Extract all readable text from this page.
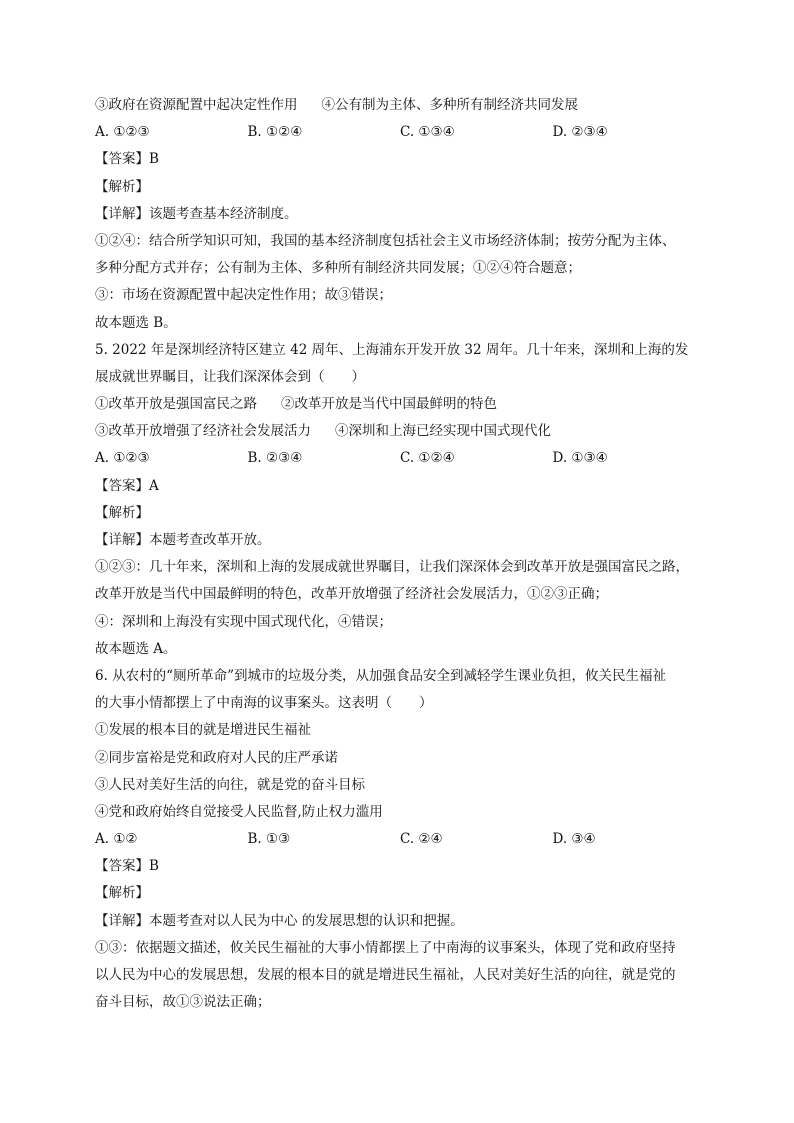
③政府在资源配置中起决定性作用 ④公有制为主体、多种所有制经济共同发展
A. ①②③	B. ①②④	C. ①③④	D. ②③④
【答案】B
【解析】
【详解】该题考查基本经济制度。
①②④：结合所学知识可知，我国的基本经济制度包括社会主义市场经济体制；按劳分配为主体、
多种分配方式并存；公有制为主体、多种所有制经济共同发展；①②④符合题意；
③：市场在资源配置中起决定性作用；故③错误；
故本题选 B。
5. 2022 年是深圳经济特区建立 42 周年、上海浦东开发开放 32 周年。几十年来，深圳和上海的发
展成就世界瞩目，让我们深深体会到（　　）
①改革开放是强国富民之路 ②改革开放是当代中国最鲜明的特色
③改革开放增强了经济社会发展活力 ④深圳和上海已经实现中国式现代化
A. ①②③	B. ②③④	C. ①②④	D. ①③④
【答案】A
【解析】
【详解】本题考查改革开放。
①②③：几十年来，深圳和上海的发展成就世界瞩目，让我们深深体会到改革开放是强国富民之路，
改革开放是当代中国最鲜明的特色，改革开放增强了经济社会发展活力，①②③正确；
④：深圳和上海没有实现中国式现代化，④错误；
故本题选 A。
6. 从农村的“厕所革命”到城市的垃圾分类，从加强食品安全到减轻学生课业负担，攸关民生福祉
的大事小情都摆上了中南海的议事案头。这表明（　　）
①发展的根本目的就是增进民生福祉
②同步富裕是党和政府对人民的庄严承诺
③人民对美好生活的向往，就是党的奋斗目标
④党和政府始终自觉接受人民监督,防止权力滥用
A. ①②	B. ①③	C. ②④	D. ③④
【答案】B
【解析】
【详解】本题考查对以人民为中心 的发展思想的认识和把握。
①③：依据题文描述，攸关民生福祉的大事小情都摆上了中南海的议事案头，体现了党和政府坚持
以人民为中心的发展思想，发展的根本目的就是增进民生福祉，人民对美好生活的向往，就是党的
奋斗目标，故①③说法正确；
